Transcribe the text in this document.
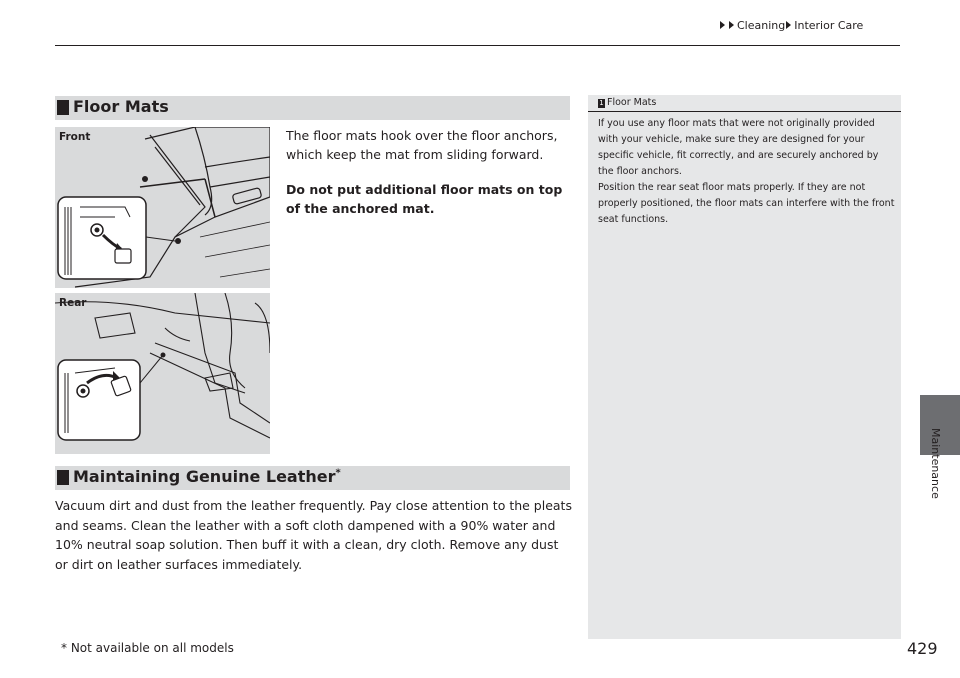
Cleaning Interior Care
Maintenance
Floor Mats
Front
Rear

The floor mats hook over the floor anchors, which keep the mat from sliding forward.

Do not put additional floor mats on top of the anchored mat.

Maintaining Genuine Leather*

Vacuum dirt and dust from the leather frequently. Pay close attention to the pleats and seams. Clean the leather with a soft cloth dampened with a 90% water and 10% neutral soap solution. Then buff it with a clean, dry cloth. Remove any dust or dirt on leather surfaces immediately.

1 Floor Mats

If you use any floor mats that were not originally provided with your vehicle, make sure they are designed for your specific vehicle, fit correctly, and are securely anchored by the floor anchors.

Position the rear seat floor mats properly. If they are not properly positioned, the floor mats can interfere with the front seat functions.

* Not available on all models	429
